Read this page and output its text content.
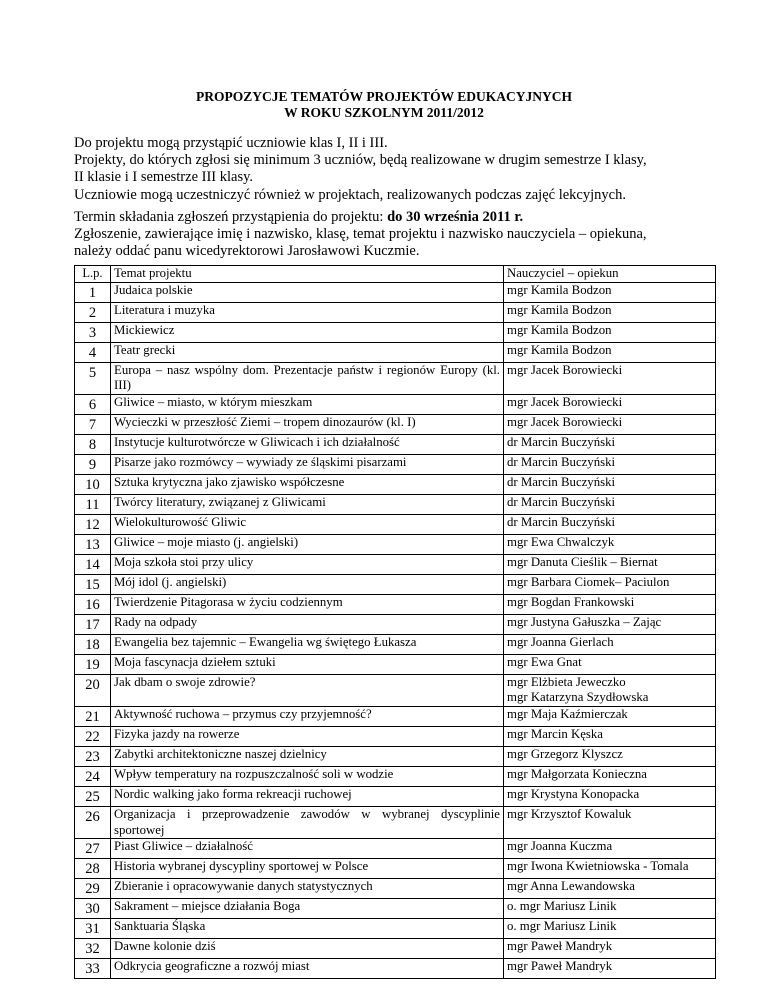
PROPOZYCJE TEMATÓW PROJEKTÓW EDUKACYJNYCH
W ROKU SZKOLNYM 2011/2012

Do projektu mogą przystąpić uczniowie klas I, II i III.

Projekty, do których zgłosi się minimum 3 uczniów, będą realizowane w drugim semestrze I klasy,

II klasie i I semestrze III klasy.

Uczniowie mogą uczestniczyć również w projektach, realizowanych podczas zajęć lekcyjnych.

Termin składania zgłoszeń przystąpienia do projektu: do 30 września 2011 r.

Zgłoszenie, zawierające imię i nazwisko, klasę, temat projektu i nazwisko nauczyciela – opiekuna,

należy oddać panu wicedyrektorowi Jarosławowi Kuczmie.

L.p.	Temat projektu	Nauczyciel – opiekun
1	Judaica polskie	mgr Kamila Bodzon
2	Literatura i muzyka	mgr Kamila Bodzon
3	Mickiewicz	mgr Kamila Bodzon
4	Teatr grecki	mgr Kamila Bodzon
5	Europa – nasz wspólny dom. Prezentacje państw i regionów Europy (kl. III)	mgr Jacek Borowiecki
6	Gliwice – miasto, w którym mieszkam	mgr Jacek Borowiecki
7	Wycieczki w przeszłość Ziemi – tropem dinozaurów (kl. I)	mgr Jacek Borowiecki
8	Instytucje kulturotwórcze w Gliwicach i ich działalność	dr Marcin Buczyński
9	Pisarze jako rozmówcy – wywiady ze śląskimi pisarzami	dr Marcin Buczyński
10	Sztuka krytyczna jako zjawisko współczesne	dr Marcin Buczyński
11	Twórcy literatury, związanej z Gliwicami	dr Marcin Buczyński
12	Wielokulturowość Gliwic	dr Marcin Buczyński
13	Gliwice – moje miasto (j. angielski)	mgr Ewa Chwalczyk
14	Moja szkoła stoi przy ulicy	mgr Danuta Cieślik – Biernat
15	Mój idol (j. angielski)	mgr Barbara Ciomek– Paciulon
16	Twierdzenie Pitagorasa w życiu codziennym	mgr Bogdan Frankowski
17	Rady na odpady	mgr Justyna Gałuszka – Zając
18	Ewangelia bez tajemnic – Ewangelia wg świętego Łukasza	mgr Joanna Gierlach
19	Moja fascynacja dziełem sztuki	mgr Ewa Gnat
20	Jak dbam o swoje zdrowie?	mgr Elżbieta Jeweczko
mgr Katarzyna Szydłowska

21	Aktywność ruchowa – przymus czy przyjemność?	mgr Maja Kaźmierczak
22	Fizyka jazdy na rowerze	mgr Marcin Kęska
23	Zabytki architektoniczne naszej dzielnicy	mgr Grzegorz Klyszcz
24	Wpływ temperatury na rozpuszczalność soli w wodzie	mgr Małgorzata Konieczna
25	Nordic walking jako forma rekreacji ruchowej	mgr Krystyna Konopacka
26	Organizacja i przeprowadzenie zawodów w wybranej dyscyplinie sportowej	mgr Krzysztof Kowaluk
27	Piast Gliwice – działalność	mgr Joanna Kuczma
28	Historia wybranej dyscypliny sportowej w Polsce	mgr Iwona Kwietniowska - Tomala
29	Zbieranie i opracowywanie danych statystycznych	mgr Anna Lewandowska
30	Sakrament – miejsce działania Boga	o. mgr Mariusz Linik
31	Sanktuaria Śląska	o. mgr Mariusz Linik
32	Dawne kolonie dziś	mgr Paweł Mandryk
33	Odkrycia geograficzne a rozwój miast	mgr Paweł Mandryk
